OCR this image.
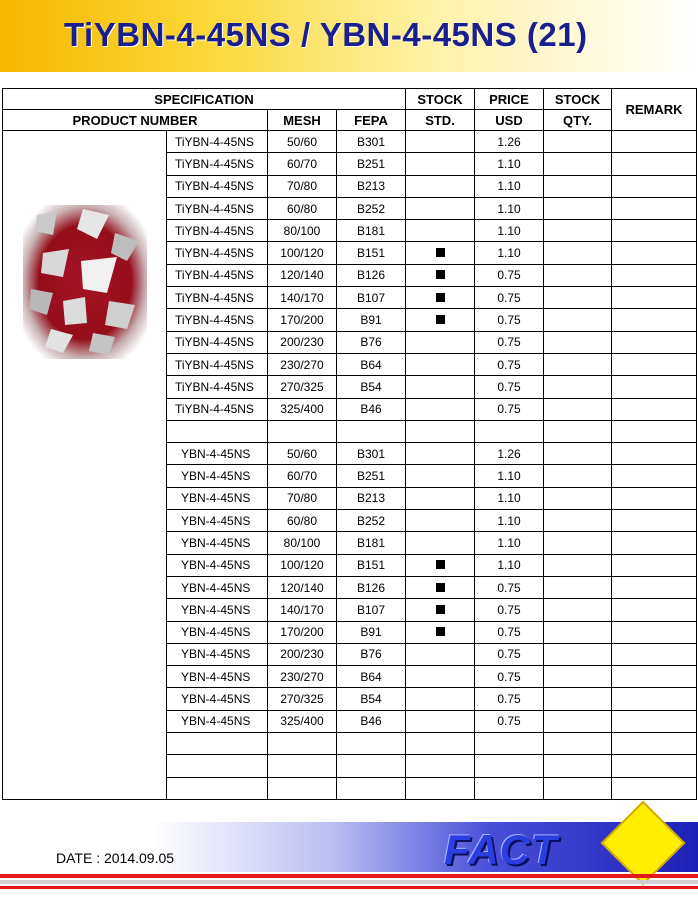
TiYBN-4-45NS / YBN-4-45NS (21)
SPECIFICATION				STOCK	PRICE	STOCK	REMARK
PRODUCT NUMBER		MESH	FEPA	STD.	USD	QTY.	

	TiYBN-4-45NS	50/60	B301		1.26		
	TiYBN-4-45NS	60/70	B251		1.10		
	TiYBN-4-45NS	70/80	B213		1.10		
	TiYBN-4-45NS	60/80	B252		1.10		
	TiYBN-4-45NS	80/100	B181		1.10		
	TiYBN-4-45NS	100/120	B151		1.10		
	TiYBN-4-45NS	120/140	B126		0.75		
	TiYBN-4-45NS	140/170	B107		0.75		
	TiYBN-4-45NS	170/200	B91		0.75		
	TiYBN-4-45NS	200/230	B76		0.75		
	TiYBN-4-45NS	230/270	B64		0.75		
	TiYBN-4-45NS	270/325	B54		0.75		
	TiYBN-4-45NS	325/400	B46		0.75		

	YBN-4-45NS	50/60	B301		1.26		
	YBN-4-45NS	60/70	B251		1.10		
	YBN-4-45NS	70/80	B213		1.10		
	YBN-4-45NS	60/80	B252		1.10		
	YBN-4-45NS	80/100	B181		1.10		
	YBN-4-45NS	100/120	B151		1.10		
	YBN-4-45NS	120/140	B126		0.75		
	YBN-4-45NS	140/170	B107		0.75		
	YBN-4-45NS	170/200	B91		0.75		
	YBN-4-45NS	200/230	B76		0.75		
	YBN-4-45NS	230/270	B64		0.75		
	YBN-4-45NS	270/325	B54		0.75		
	YBN-4-45NS	325/400	B46		0.75		

DATE : 2014.09.05	FACT
